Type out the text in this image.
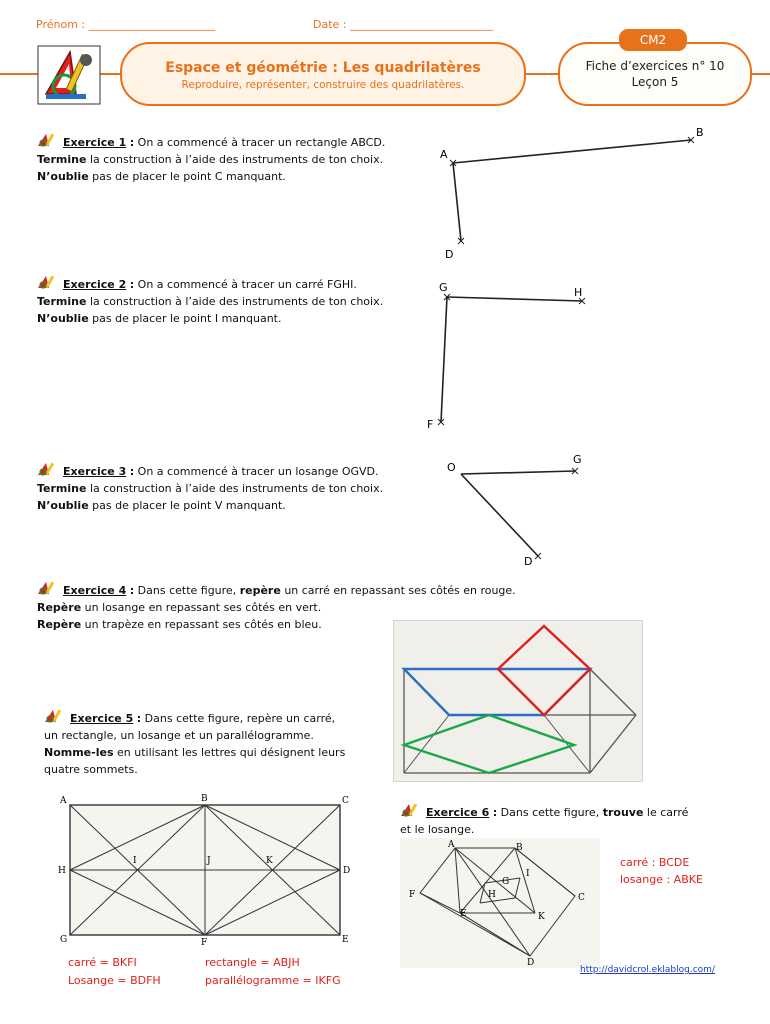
Prénom : _______________________	Date : __________________________
Espace et géométrie : Les quadrilatères
Reproduire, représenter, construire des quadrilatères.
CM2
Fiche d’exercices n° 10
Leçon 5
Exercice 1 : On a commencé à tracer un rectangle ABCD.
Termine la construction à l’aide des instruments de ton choix.
N’oublie pas de placer le point C manquant.
A
B
D
Exercice 2 : On a commencé à tracer un carré FGHI.
Termine la construction à l’aide des instruments de ton choix.
N’oublie pas de placer le point I manquant.
G	H
F
Exercice 3 : On a commencé à tracer un losange OGVD.
Termine la construction à l’aide des instruments de ton choix.
N’oublie pas de placer le point V manquant.
O
G
D
Exercice 4 : Dans cette figure, repère un carré en repassant ses côtés en rouge.
Repère un losange en repassant ses côtés en vert.
Repère un trapèze en repassant ses côtés en bleu.
Exercice 5 : Dans cette figure, repère un carré,
un rectangle, un losange et un parallélogramme.
Nomme-les en utilisant les lettres qui désignent leurs
quatre sommets.
A	B	C
H
I	J	K
D
G	F	E
carré = BKFI	rectangle = ABJH
Losange = BDFH	parallélogramme = IKFG
Exercice 6 : Dans cette figure, trouve le carré
et le losange.
A	B
I
G
H
F
E	K
C
D
carré : BCDE
losange : ABKE
http://davidcrol.eklablog.com/
